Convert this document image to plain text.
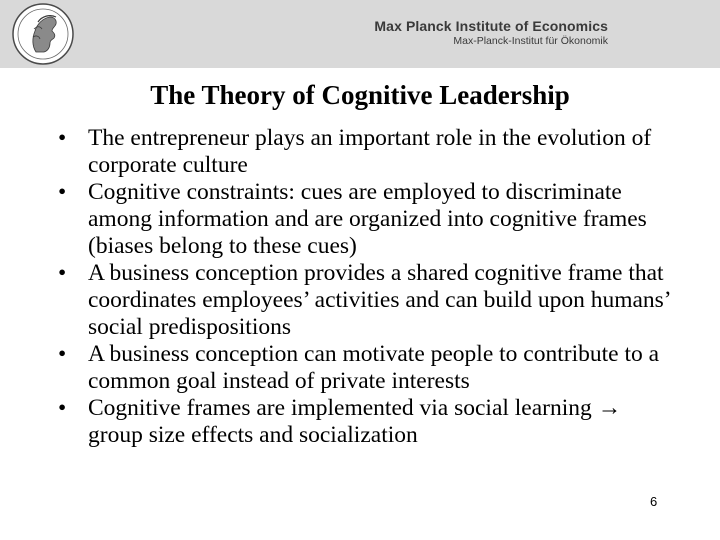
Max Planck Institute of Economics
Max-Planck-Institut für Ökonomik
The Theory of Cognitive Leadership
• The entrepreneur plays an important role in the evolution of corporate culture
• Cognitive constraints: cues are employed to discriminate among information and are organized into cognitive frames (biases belong to these cues)
• A business conception provides a shared cognitive frame that coordinates employees’ activities and can build upon humans’ social predispositions
• A business conception can motivate people to contribute to a common goal instead of private interests
• Cognitive frames are implemented via social learning → group size effects and socialization
6
